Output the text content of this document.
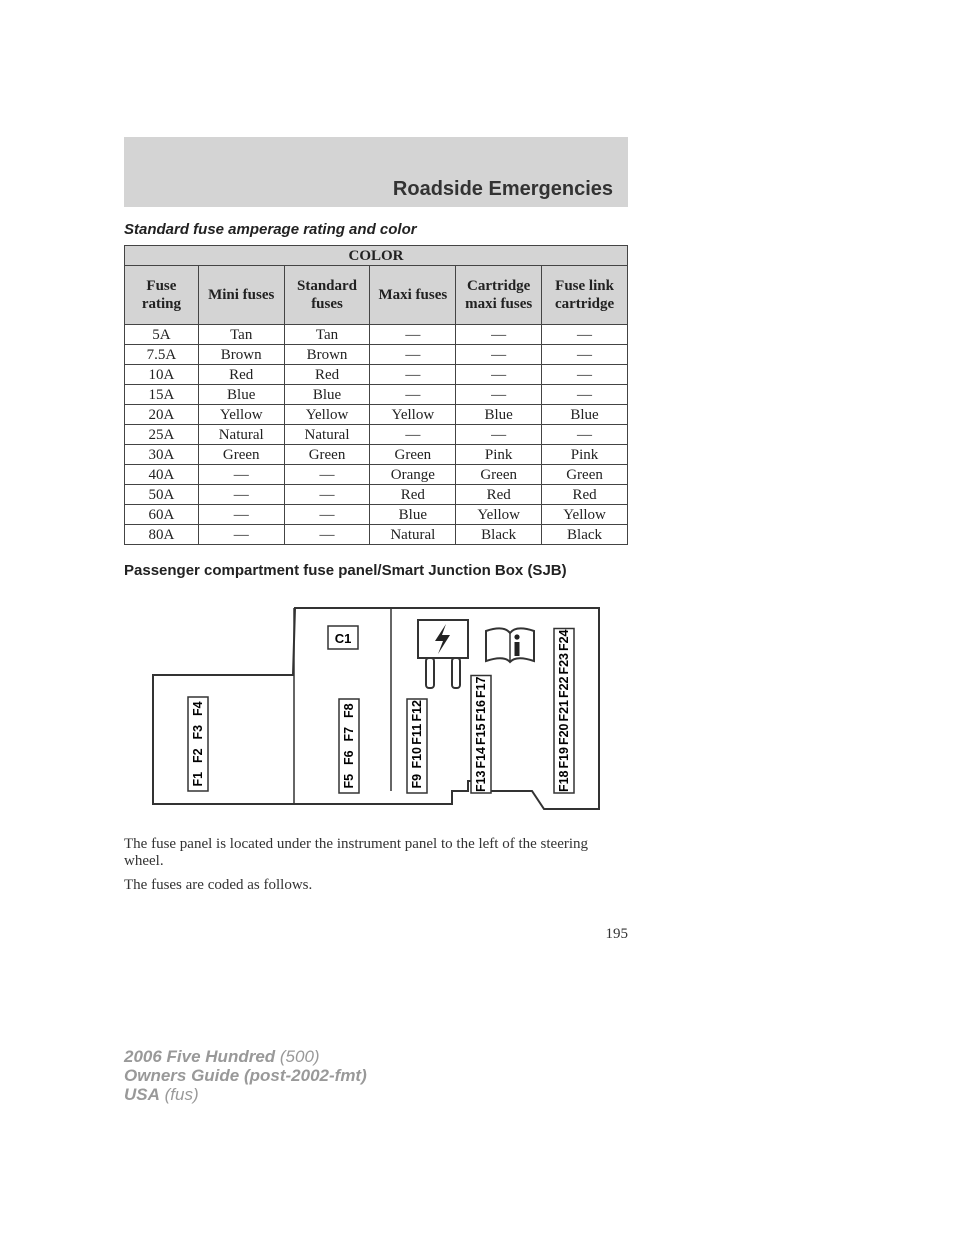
Roadside Emergencies
Standard fuse amperage rating and color
COLOR					
Fuse rating	Mini fuses	Standard fuses	Maxi fuses	Cartridge maxi fuses	Fuse link cartridge
5A	Tan	Tan	—	—	—
7.5A	Brown	Brown	—	—	—
10A	Red	Red	—	—	—
15A	Blue	Blue	—	—	—
20A	Yellow	Yellow	Yellow	Blue	Blue
25A	Natural	Natural	—	—	—
30A	Green	Green	Green	Pink	Pink
40A	—	—	Orange	Green	Green
50A	—	—	Red	Red	Red
60A	—	—	Blue	Yellow	Yellow
80A	—	—	Natural	Black	Black
Passenger compartment fuse panel/Smart Junction Box (SJB)
C1
F1
F2
F3
F4
F5
F6
F7
F8
F9
F10
F11
F12
F13
F14
F15
F16
F17
F18
F19
F20
F21
F22
F23
F24
The fuse panel is located under the instrument panel to the left of the steering wheel.
The fuses are coded as follows.
195
2006 Five Hundred (500)
Owners Guide (post-2002-fmt)
USA (fus)
